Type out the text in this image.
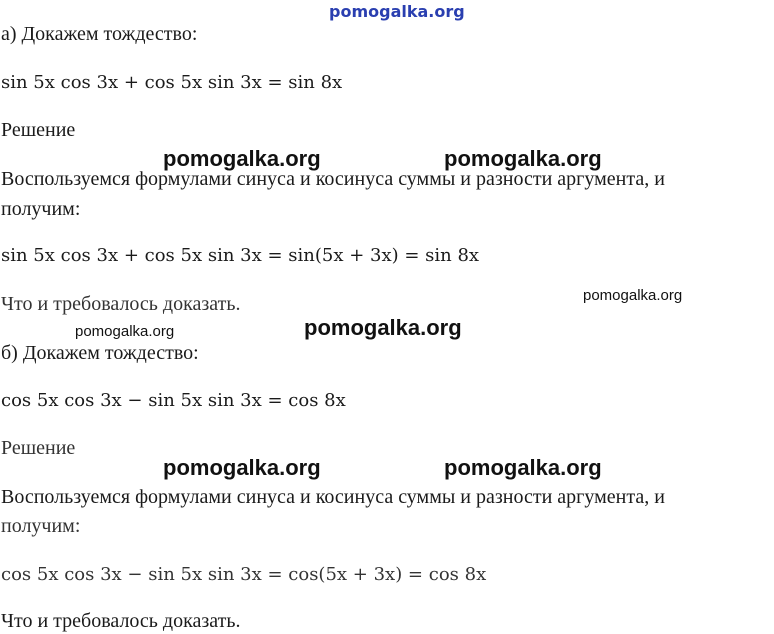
pomogalka.org
а) Докажем тождество:
sin 5x cos 3x + cos 5x sin 3x = sin 8x
Решение
Воспользуемся формулами синуса и косинуса суммы и разности аргумента, и
получим:
sin 5x cos 3x + cos 5x sin 3x = sin(5x + 3x) = sin 8x
Что и требовалось доказать.
б) Докажем тождество:
cos 5x cos 3x − sin 5x sin 3x = cos 8x
Решение
Воспользуемся формулами синуса и косинуса суммы и разности аргумента, и
получим:
cos 5x cos 3x − sin 5x sin 3x = cos(5x + 3x) = cos 8x
Что и требовалось доказать.
pomogalka.org	pomogalka.org
pomogalka.org
pomogalka.org	pomogalka.org
pomogalka.org	pomogalka.org
